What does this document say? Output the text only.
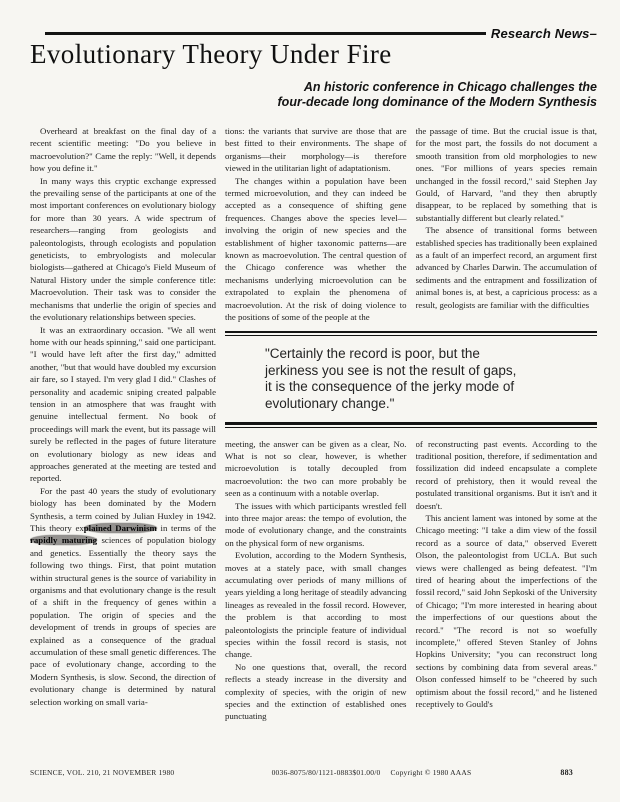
Research News–
Evolutionary Theory Under Fire
An historic conference in Chicago challenges the
four-decade long dominance of the Modern Synthesis

Overheard at breakfast on the final day of a recent scientific meeting: "Do you believe in macroevolution?" Came the reply: "Well, it depends how you define it."

In many ways this cryptic exchange expressed the prevailing sense of the participants at one of the most important conferences on evolutionary biology for more than 30 years. A wide spectrum of researchers—ranging from geologists and paleontologists, through ecologists and population geneticists, to embryologists and molecular biologists—gathered at Chicago's Field Museum of Natural History under the simple conference title: Macroevolution. Their task was to consider the mechanisms that underlie the origin of species and the evolutionary relationships between species.

It was an extraordinary occasion. "We all went home with our heads spinning," said one participant. "I would have left after the first day," admitted another, "but that would have doubled my excursion air fare, so I stayed. I'm very glad I did." Clashes of personality and academic sniping created palpable tension in an atmosphere that was fraught with genuine intellectual ferment. No book of proceedings will mark the event, but its passage will surely be reflected in the pages of future literature on evolutionary biology as new ideas and approaches generated at the meeting are tested and reported.

For the past 40 years the study of evolutionary biology has been dominated by the Modern Synthesis, a term coined by Julian Huxley in 1942. This theory explained Darwinism in terms of the rapidly maturing sciences of population biology and genetics. Essentially the theory says the following two things. First, that point mutation within structural genes is the source of variability in organisms and that evolutionary change is the result of a shift in the frequency of genes within a population. The origin of species and the development of trends in groups of species are explained as a consequence of the gradual accumulation of these small genetic differences. The pace of evolutionary change, according to the Modern Synthesis, is slow. Second, the direction of evolutionary change is determined by natural selection working on small varia-

tions: the variants that survive are those that are best fitted to their environments. The shape of organisms—their morphology—is therefore viewed in the utilitarian light of adaptationism.

The changes within a population have been termed microevolution, and they can indeed be accepted as a consequence of shifting gene frequences. Changes above the species level—involving the origin of new species and the establishment of higher taxonomic patterns—are known as macroevolution. The central question of the Chicago conference was whether the mechanisms underlying microevolution can be extrapolated to explain the phenomena of macroevolution. At the risk of doing violence to the positions of some of the people at the

the passage of time. But the crucial issue is that, for the most part, the fossils do not document a smooth transition from old morphologies to new ones. "For millions of years species remain unchanged in the fossil record," said Stephen Jay Gould, of Harvard, "and they then abruptly disappear, to be replaced by something that is substantially different but clearly related."

The absence of transitional forms between established species has traditionally been explained as a fault of an imperfect record, an argument first advanced by Charles Darwin. The accumulation of sediments and the entrapment and fossilization of animal bones is, at best, a capricious process: as a result, geologists are familiar with the difficulties

"Certainly the record is poor, but the
jerkiness you see is not the result of gaps,
it is the consequence of the jerky mode of
evolutionary change."

meeting, the answer can be given as a clear, No. What is not so clear, however, is whether microevolution is totally decoupled from macroevolution: the two can more probably be seen as a continuum with a notable overlap.

The issues with which participants wrestled fell into three major areas: the tempo of evolution, the mode of evolutionary change, and the constraints on the physical form of new organisms.

Evolution, according to the Modern Synthesis, moves at a stately pace, with small changes accumulating over periods of many millions of years yielding a long heritage of steadily advancing lineages as revealed in the fossil record. However, the problem is that according to most paleontologists the principle feature of individual species within the fossil record is stasis, not change.

No one questions that, overall, the record reflects a steady increase in the diversity and complexity of species, with the origin of new species and the extinction of established ones punctuating

of reconstructing past events. According to the traditional position, therefore, if sedimentation and fossilization did indeed encapsulate a complete record of prehistory, then it would reveal the postulated transitional organisms. But it isn't and it doesn't.

This ancient lament was intoned by some at the Chicago meeting: "I take a dim view of the fossil record as a source of data," observed Everett Olson, the paleontologist from UCLA. But such views were challenged as being defeatest. "I'm tired of hearing about the imperfections of the fossil record," said John Sepkoski of the University of Chicago; "I'm more interested in hearing about the imperfections of our questions about the record." "The record is not so woefully incomplete," offered Steven Stanley of Johns Hopkins University; "you can reconstruct long sections by combining data from several areas." Olson confessed himself to be "cheered by such optimism about the fossil record," and he listened receptively to Gould's

SCIENCE, VOL. 210, 21 NOVEMBER 1980	0036-8075/80/1121-0883$01.00/0 Copyright © 1980 AAAS	883
